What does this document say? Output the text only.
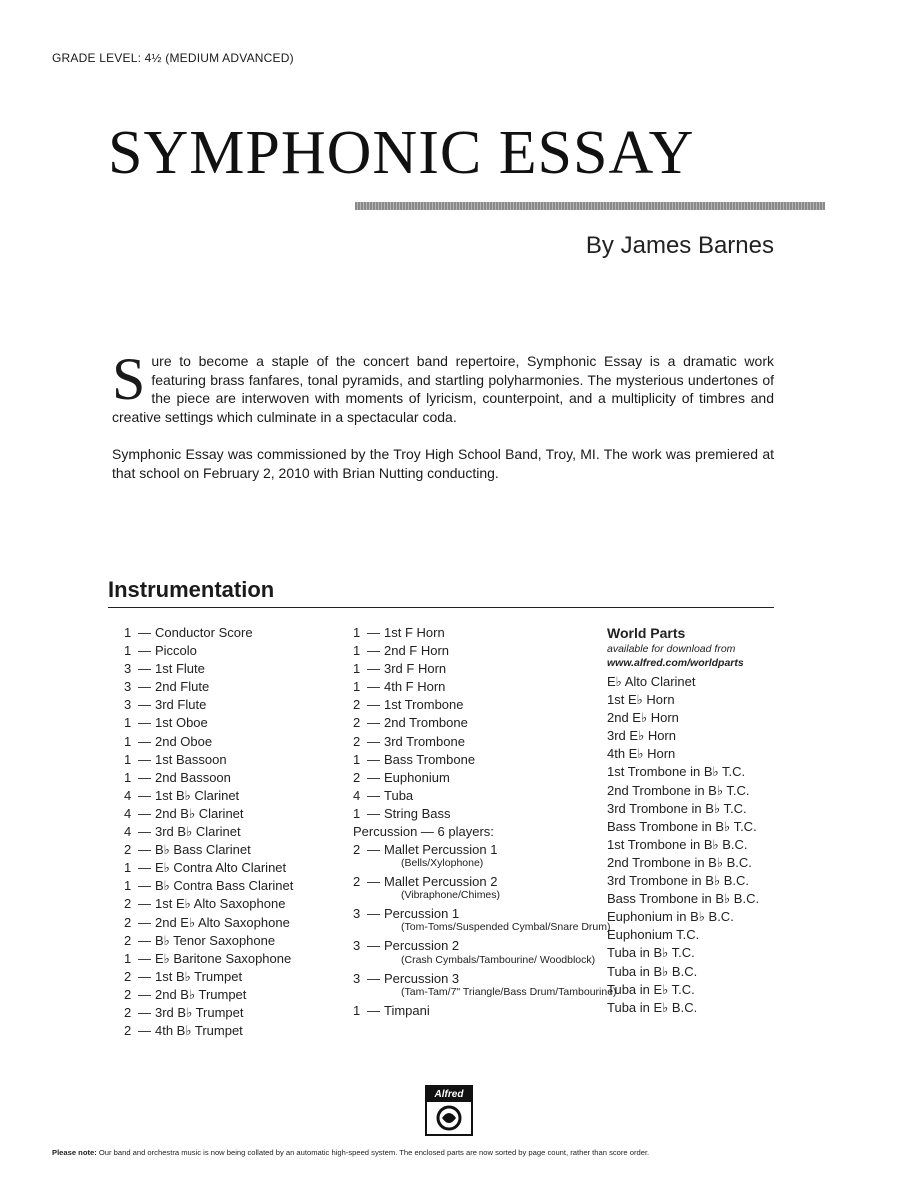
GRADE LEVEL: 4½ (MEDIUM ADVANCED)
SYMPHONIC ESSAY
By James Barnes
S ure to become a staple of the concert band repertoire, Symphonic Essay is a dramatic work featuring brass fanfares, tonal pyramids, and startling polyharmonies. The mysterious undertones of the piece are interwoven with moments of lyricism, counterpoint, and a multiplicity of timbres and creative settings which culminate in a spectacular coda.

Symphonic Essay was commissioned by the Troy High School Band, Troy, MI. The work was premiered at that school on February 2, 2010 with Brian Nutting conducting.

Instrumentation
1 — Conductor Score
1 — Piccolo
3 — 1st Flute
3 — 2nd Flute
3 — 3rd Flute
1 — 1st Oboe
1 — 2nd Oboe
1 — 1st Bassoon
1 — 2nd Bassoon
4 — 1st B♭ Clarinet
4 — 2nd B♭ Clarinet
4 — 3rd B♭ Clarinet
2 — B♭ Bass Clarinet
1 — E♭ Contra Alto Clarinet
1 — B♭ Contra Bass Clarinet
2 — 1st E♭ Alto Saxophone
2 — 2nd E♭ Alto Saxophone
2 — B♭ Tenor Saxophone
1 — E♭ Baritone Saxophone
2 — 1st B♭ Trumpet
2 — 2nd B♭ Trumpet
2 — 3rd B♭ Trumpet
2 — 4th B♭ Trumpet
1 — 1st F Horn
1 — 2nd F Horn
1 — 3rd F Horn
1 — 4th F Horn
2 — 1st Trombone
2 — 2nd Trombone
2 — 3rd Trombone
1 — Bass Trombone
2 — Euphonium
4 — Tuba
1 — String Bass
Percussion — 6 players:
2 — Mallet Percussion 1
(Bells/Xylophone)
2 — Mallet Percussion 2
(Vibraphone/Chimes)
3 — Percussion 1
(Tom-Toms/Suspended Cymbal/Snare Drum)
3 — Percussion 2
(Crash Cymbals/Tambourine/ Woodblock)
3 — Percussion 3
(Tam-Tam/7" Triangle/Bass Drum/Tambourine)
1 — Timpani
World Parts
available for download from
www.alfred.com/worldparts
E♭ Alto Clarinet
1st E♭ Horn
2nd E♭ Horn
3rd E♭ Horn
4th E♭ Horn
1st Trombone in B♭ T.C.
2nd Trombone in B♭ T.C.
3rd Trombone in B♭ T.C.
Bass Trombone in B♭ T.C.
1st Trombone in B♭ B.C.
2nd Trombone in B♭ B.C.
3rd Trombone in B♭ B.C.
Bass Trombone in B♭ B.C.
Euphonium in B♭ B.C.
Euphonium T.C.
Tuba in B♭ T.C.
Tuba in B♭ B.C.
Tuba in E♭ T.C.
Tuba in E♭ B.C.
Alfred
Please note: Our band and orchestra music is now being collated by an automatic high-speed system. The enclosed parts are now sorted by page count, rather than score order.
